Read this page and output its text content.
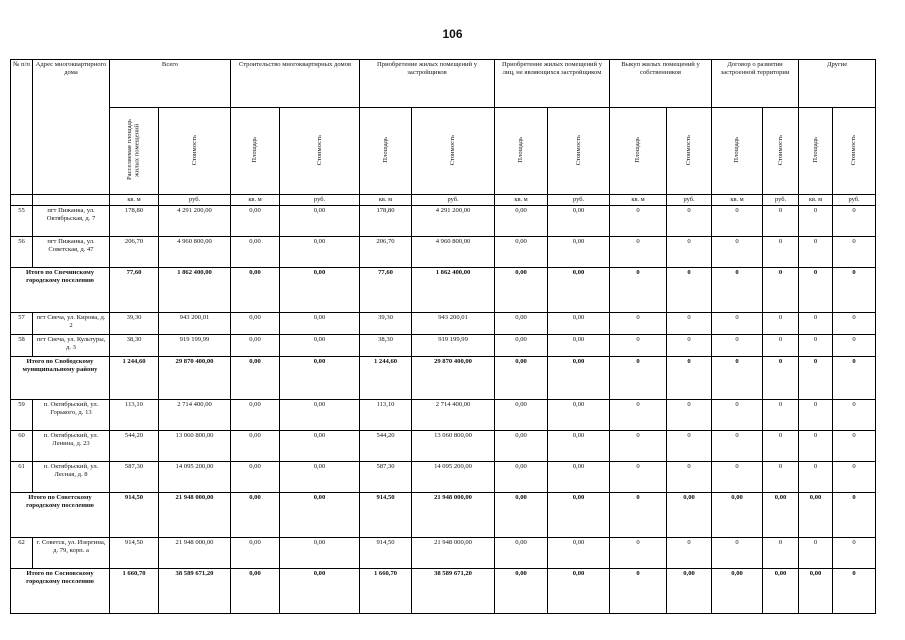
106
№ п/п	Адрес многоквартирного дома	Всего		Строительство многоквартирных домов		Приобретение жилых помещений у застройщиков		Приобретение жилых помещений у лиц, не являющихся застройщиком		Выкуп жилых помещений у собственников		Договор о развитии застроенной территории		Другие	
		Расселяемая площадь жилых помещений	Стоимость	Площадь	Стоимость	Площадь	Стоимость	Площадь	Стоимость	Площадь	Стоимость	Площадь	Стоимость	Площадь	Стоимость
		кв. м	руб.	кв. м	руб.	кв. м	руб.	кв. м	руб.	кв. м	руб.	кв. м	руб.	кв. м	руб.
55	пгт Пижанка, ул. Октябрьская, д. 7	178,80	4 291 200,00	0,00	0,00	178,80	4 291 200,00	0,00	0,00	0	0	0	0	0	0
56	пгт Пижанка, ул. Советская, д. 47	206,70	4 960 800,00	0,00	0,00	206,70	4 960 800,00	0,00	0,00	0	0	0	0	0	0
Итого по Свечинскому городскому поселению		77,60	1 862 400,00	0,00	0,00	77,60	1 862 400,00	0,00	0,00	0	0	0	0	0	0
57	пгт Свеча, ул. Кирова, д. 2	39,30	943 200,01	0,00	0,00	39,30	943 200,01	0,00	0,00	0	0	0	0	0	0
58	пгт Свеча, ул. Культуры, д. 3	38,30	919 199,99	0,00	0,00	38,30	919 199,99	0,00	0,00	0	0	0	0	0	0
Итого по Свободскому муниципальному району		1 244,60	29 870 400,00	0,00	0,00	1 244,60	29 870 400,00	0,00	0,00	0	0	0	0	0	0
59	п. Октябрьский, ул. Горького, д. 13	113,10	2 714 400,00	0,00	0,00	113,10	2 714 400,00	0,00	0,00	0	0	0	0	0	0
60	п. Октябрьский, ул. Ленина, д. 23	544,20	13 060 800,00	0,00	0,00	544,20	13 060 800,00	0,00	0,00	0	0	0	0	0	0
61	п. Октябрьский, ул. Лесная, д. 8	587,30	14 095 200,00	0,00	0,00	587,30	14 095 200,00	0,00	0,00	0	0	0	0	0	0
Итого по Советскому городскому поселению		914,50	21 948 000,00	0,00	0,00	914,50	21 948 000,00	0,00	0,00	0	0,00	0,00	0,00	0,00	0
62	г. Советск, ул. Изергина, д. 79, корп. а	914,50	21 948 000,00	0,00	0,00	914,50	21 948 000,00	0,00	0,00	0	0	0	0	0	0
Итого по Сосновскому городскому поселению		1 660,70	38 589 671,20	0,00	0,00	1 660,70	38 589 671,20	0,00	0,00	0	0,00	0,00	0,00	0,00	0
